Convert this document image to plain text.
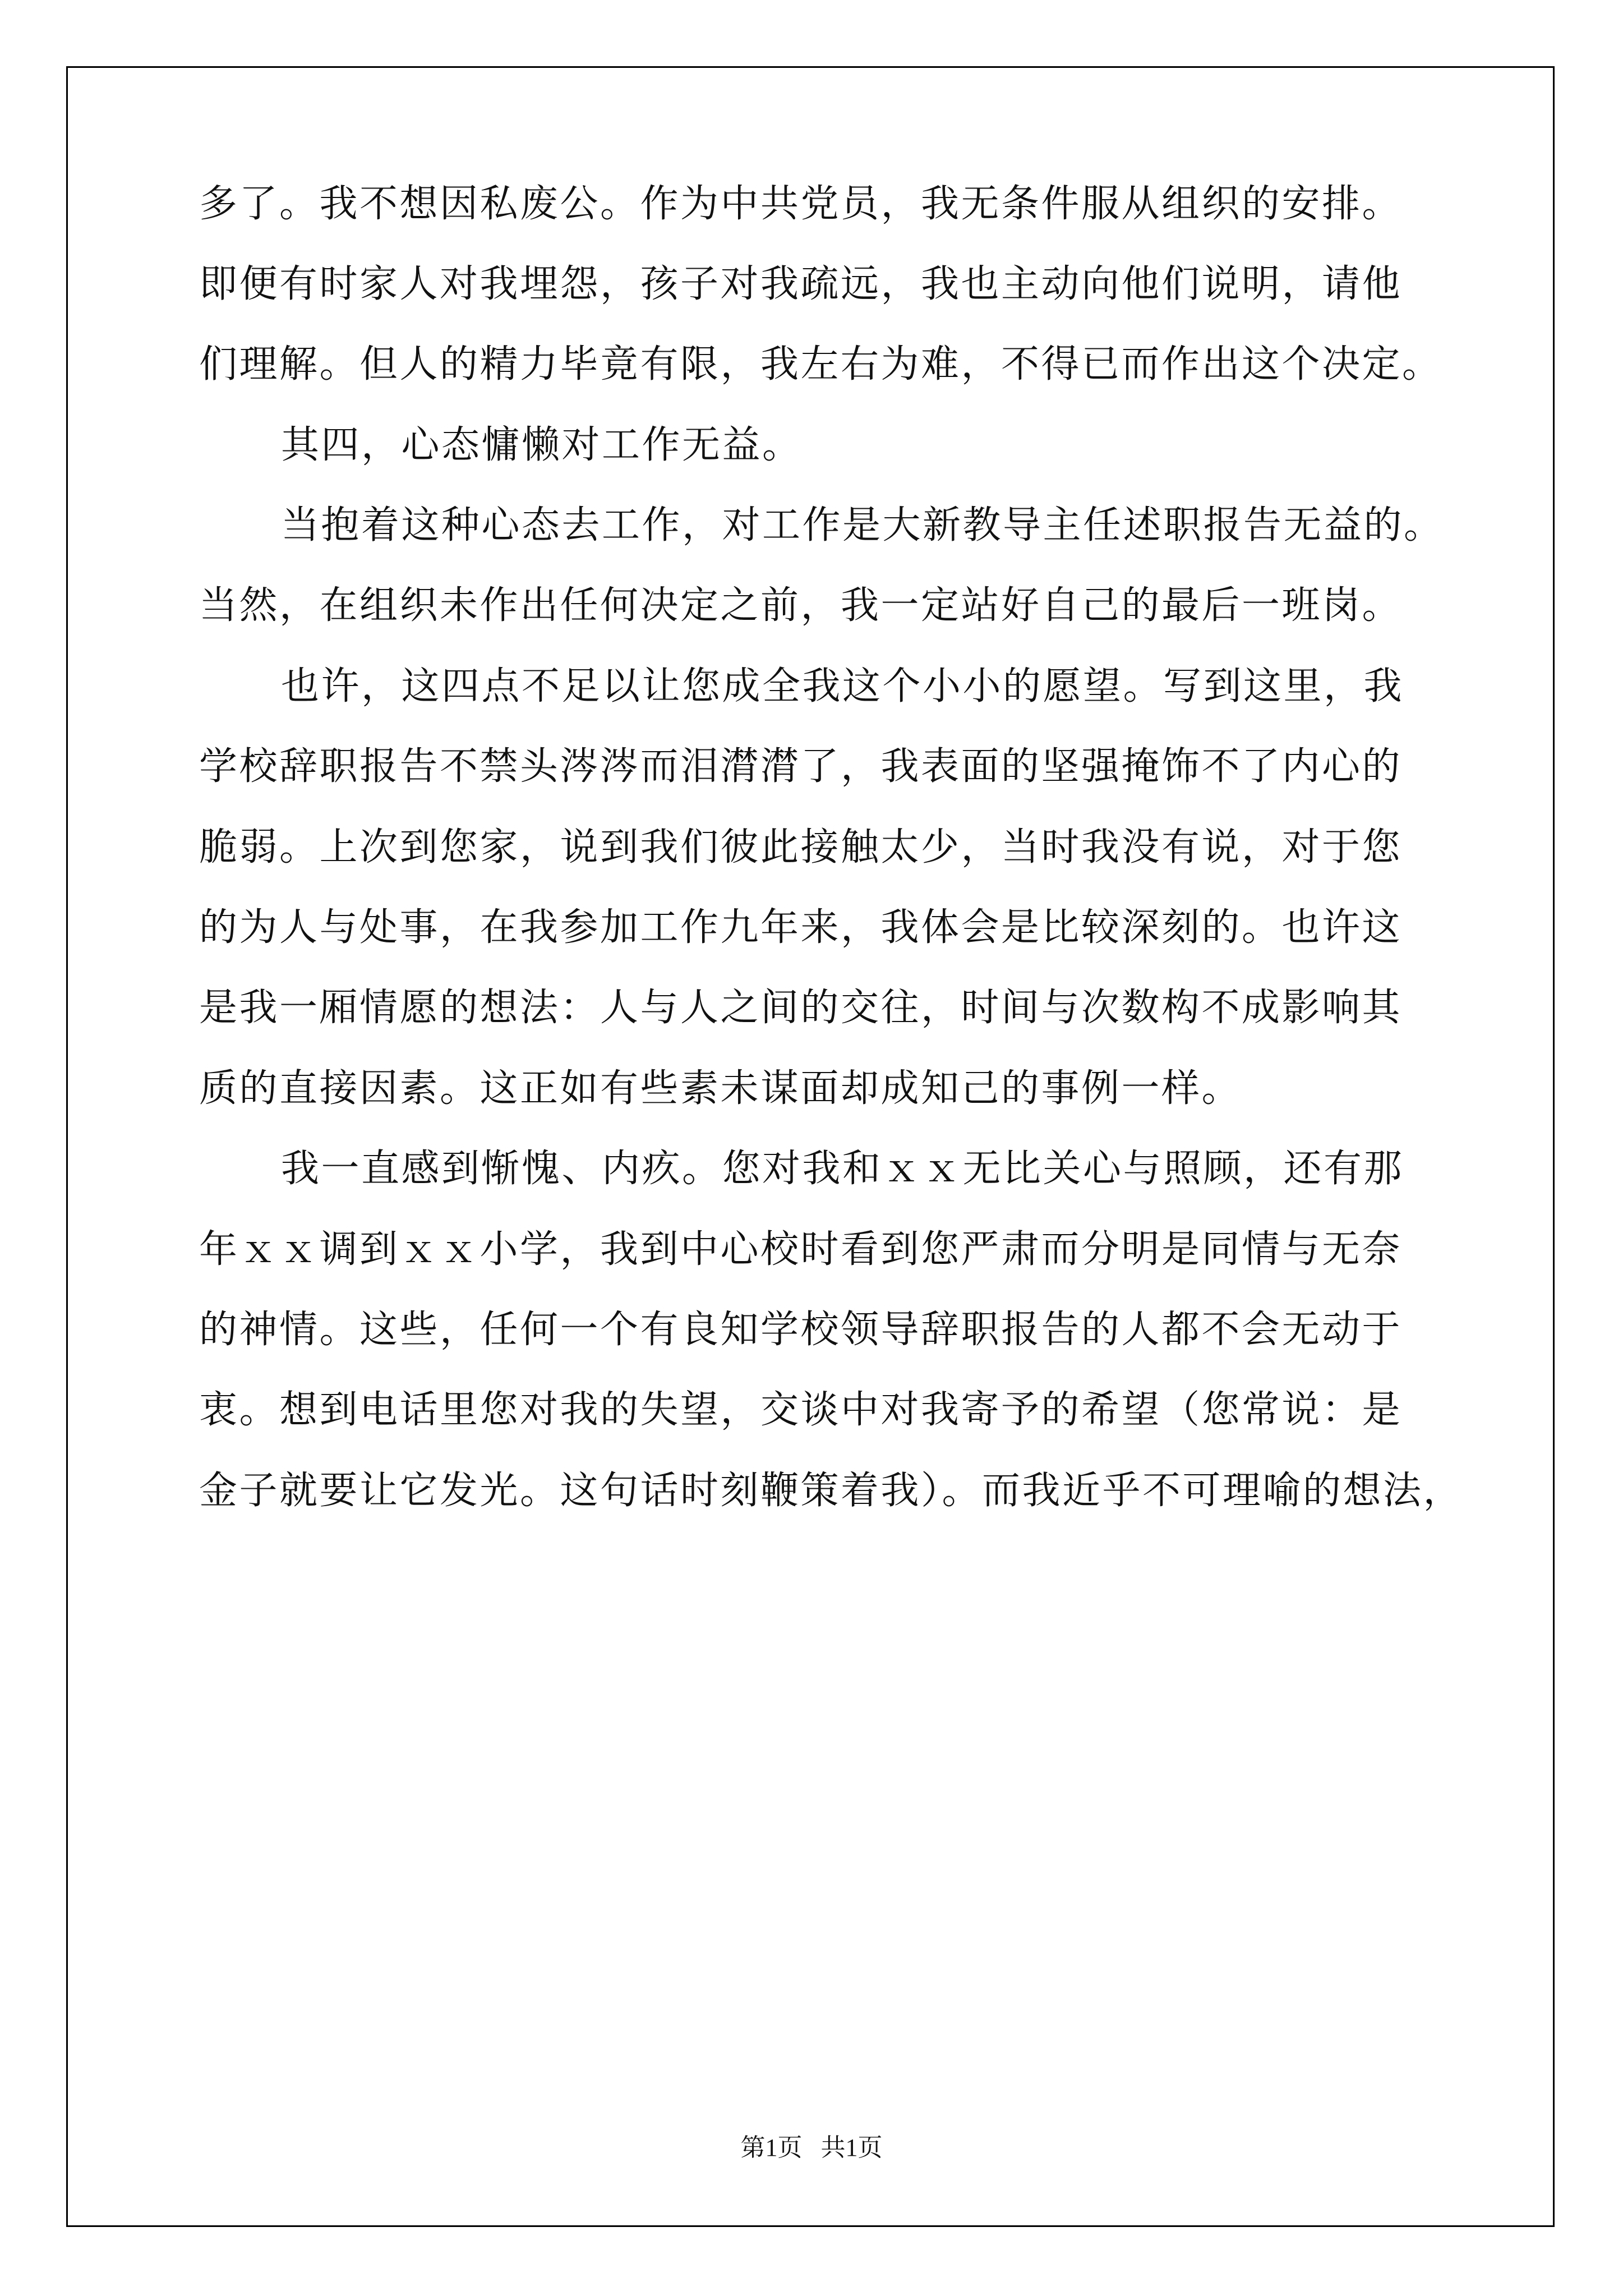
多了。我不想因私废公。作为中共党员，我无条件服从组织的安排。
即便有时家人对我埋怨，孩子对我疏远，我也主动向他们说明，请他
们理解。但人的精力毕竟有限，我左右为难，不得已而作出这个决定。
其四，心态慵懒对工作无益。
当抱着这种心态去工作，对工作是大新教导主任述职报告无益的。
当然，在组织未作出任何决定之前，我一定站好自己的最后一班岗。
也许，这四点不足以让您成全我这个小小的愿望。写到这里，我
学校辞职报告不禁头涔涔而泪潸潸了，我表面的坚强掩饰不了内心的
脆弱。上次到您家，说到我们彼此接触太少，当时我没有说，对于您
的为人与处事，在我参加工作九年来，我体会是比较深刻的。也许这
是我一厢情愿的想法：人与人之间的交往，时间与次数构不成影响其
质的直接因素。这正如有些素未谋面却成知己的事例一样。
我一直感到惭愧、内疚。您对我和ｘｘ无比关心与照顾，还有那
年ｘｘ调到ｘｘ小学，我到中心校时看到您严肃而分明是同情与无奈
的神情。这些，任何一个有良知学校领导辞职报告的人都不会无动于
衷。想到电话里您对我的失望，交谈中对我寄予的希望（您常说：是
金子就要让它发光。这句话时刻鞭策着我）。而我近乎不可理喻的想法，
第1页   共1页
